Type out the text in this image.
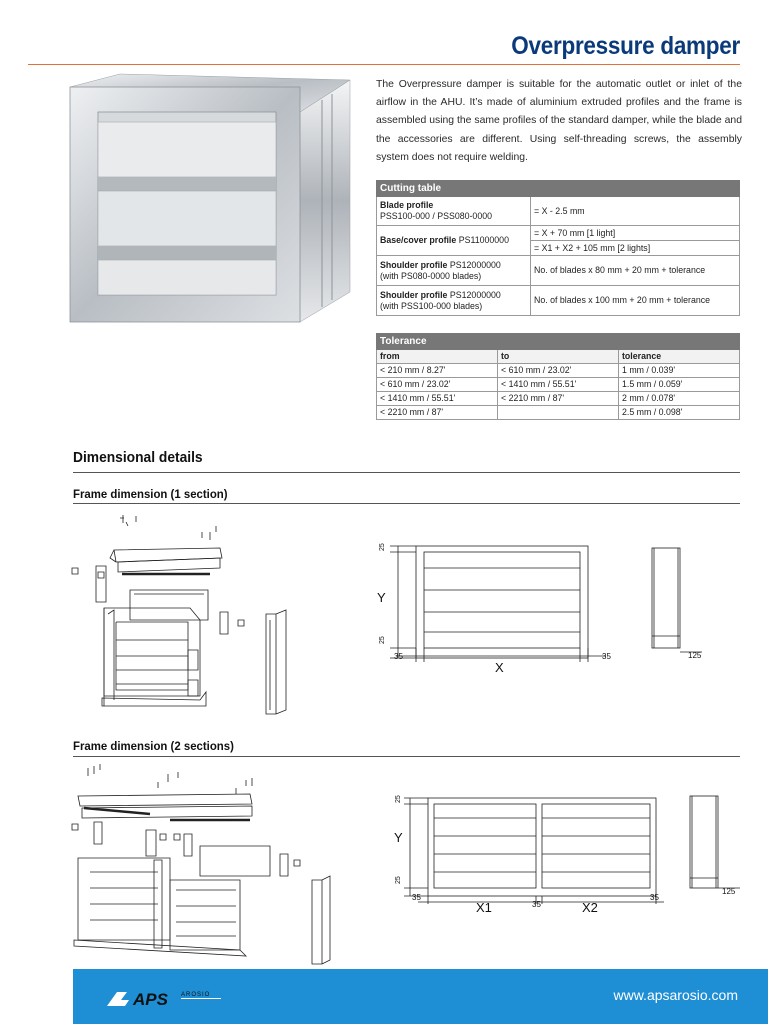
Overpressure damper
The Overpressure damper is suitable for the automatic outlet or inlet of the airflow in the AHU. It’s made of aluminium extruded profiles and the frame is assembled using the same profiles of the standard damper, while the blade and the accessories are different. Using self-threading screws, the assembly system does not require welding.
Cutting table	
Blade profile
PSS100-000 / PSS080-0000	= X - 2.5 mm
Base/cover profile PS11000000	= X + 70 mm [1 light]
	= X1 + X2 + 105 mm [2 lights]
Shoulder profile PS12000000
(with PS080-0000 blades)	No. of blades x 80 mm + 20 mm + tolerance
Shoulder profile PS12000000
(with PSS100-000 blades)	No. of blades x 100 mm + 20 mm + tolerance
Tolerance		
from	to	tolerance
< 210 mm / 8.27'	< 610 mm / 23.02'	1 mm / 0.039'
< 610 mm / 23.02'	< 1410 mm / 55.51'	1.5 mm / 0.059'
< 1410 mm / 55.51'	< 2210 mm / 87'	2 mm / 0.078'
< 2210 mm / 87'		2.5 mm / 0.098'
Dimensional details
Frame dimension (1 section)
25
25
Y
35	35
X
125
Frame dimension (2 sections)
25
25
Y
35
35
35
X1	X2
125
APS AROSIO	www.apsarosio.com
